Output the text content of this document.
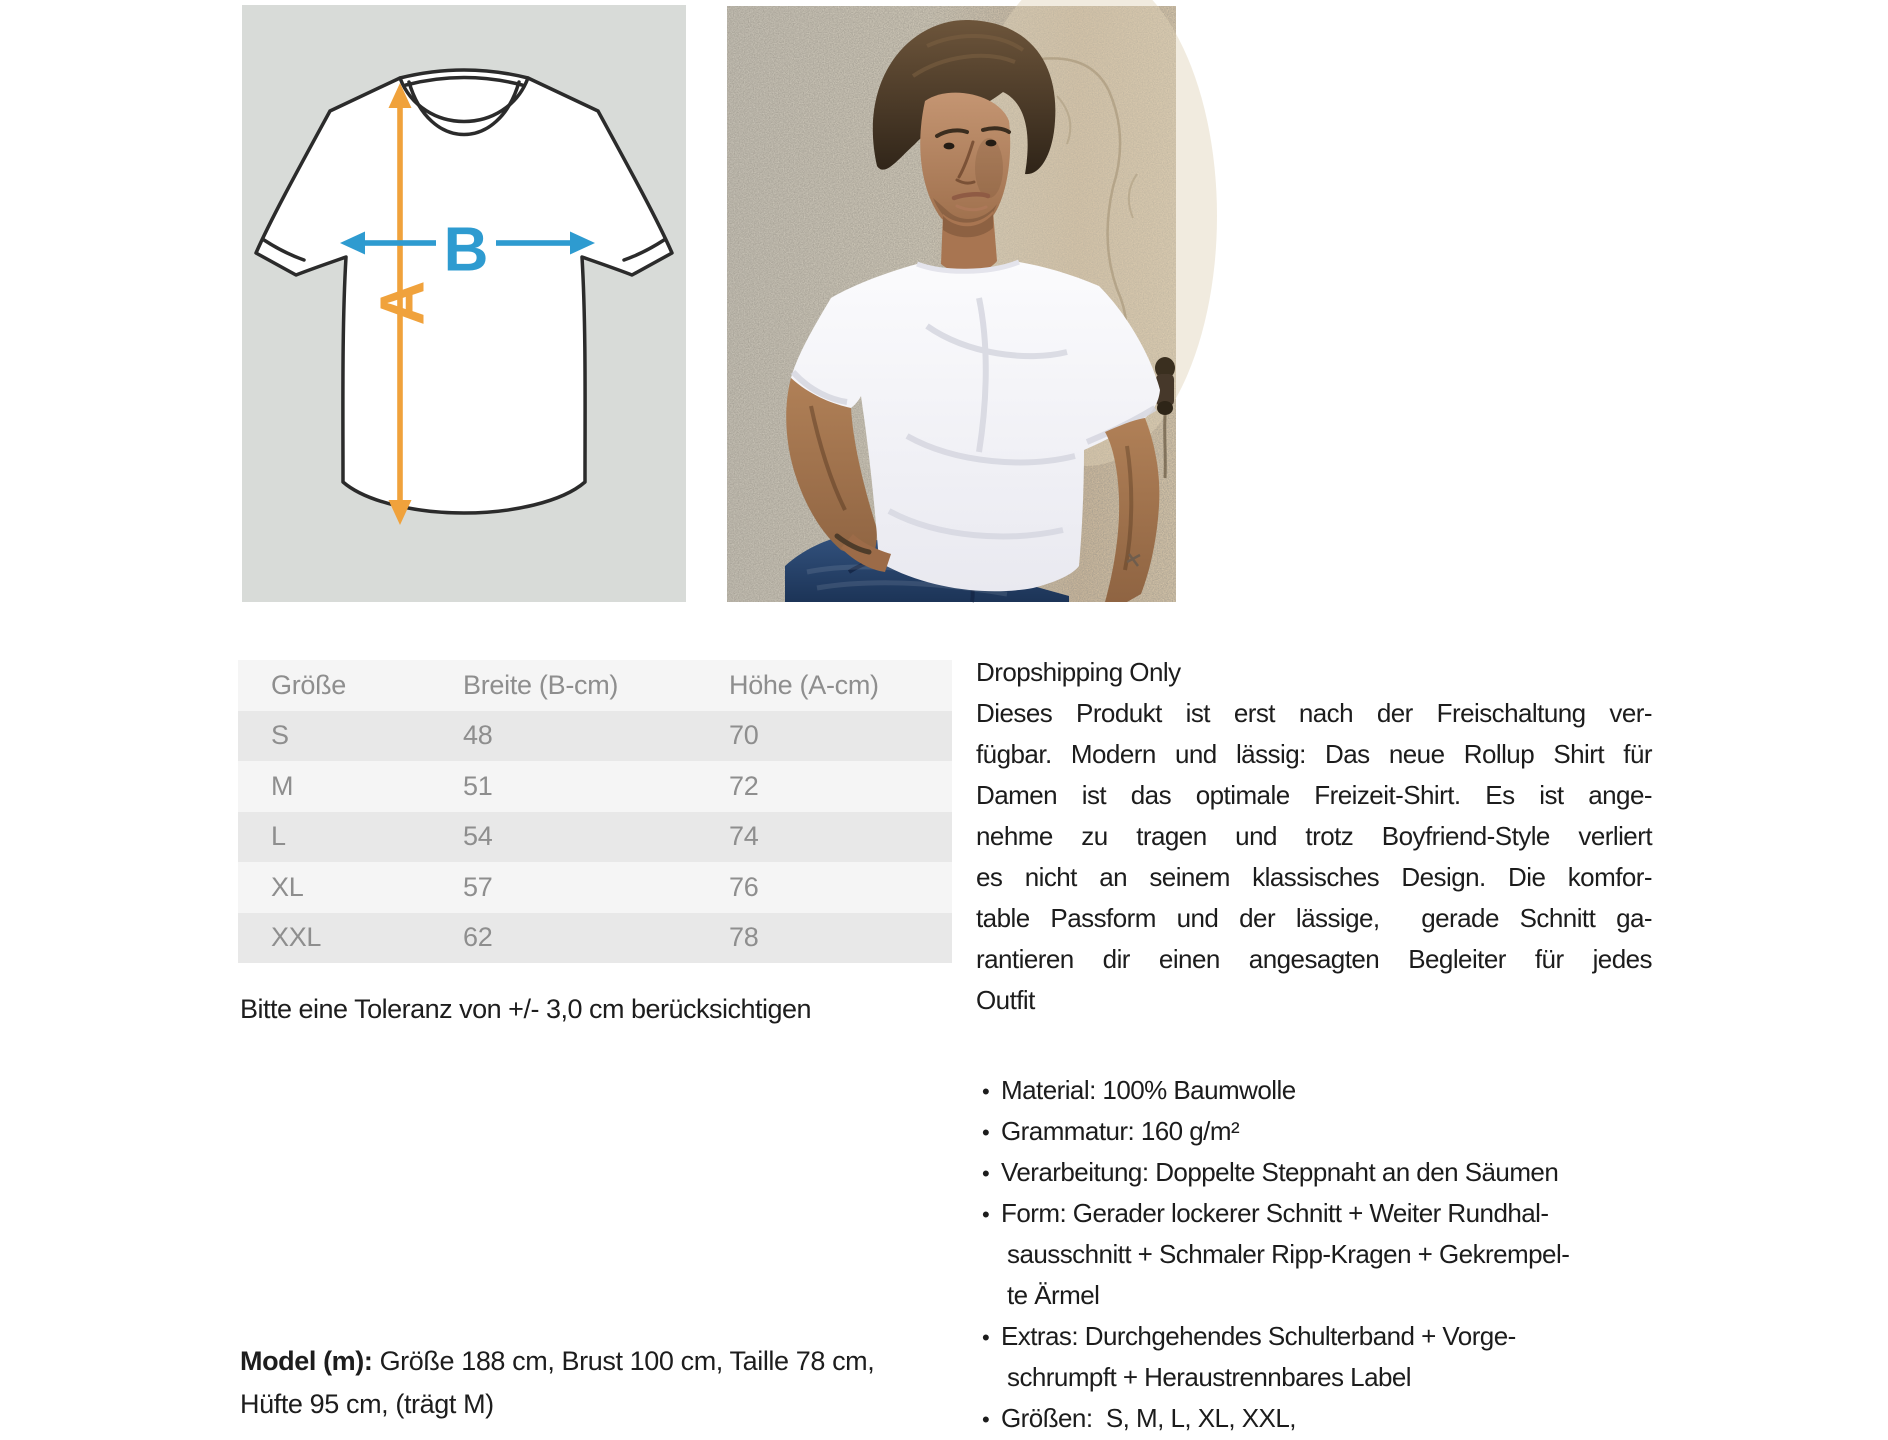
A
B
Größe	Breite (B-cm)	Höhe (A-cm)
S	48	70
M	51	72
L	54	74
XL	57	76
XXL	62	78
Bitte eine Toleranz von +/- 3,0 cm berücksichtigen
Model (m): Größe 188 cm, Brust 100 cm, Taille 78 cm,
Hüfte 95 cm, (trägt M)
Dropshipping Only
Dieses Produkt ist erst nach der Freischaltung ver-
fügbar. Modern und lässig: Das neue Rollup Shirt für
Damen ist das optimale Freizeit-Shirt. Es ist ange-
nehme zu tragen und trotz Boyfriend-Style verliert
es nicht an seinem klassisches Design. Die komfor-
table Passform und der lässige,  gerade Schnitt ga-
rantieren dir einen angesagten Begleiter für jedes
Outfit
• Material: 100% Baumwolle
• Grammatur: 160 g/m²
• Verarbeitung: Doppelte Steppnaht an den Säumen
• Form: Gerader lockerer Schnitt + Weiter Rundhal-
sausschnitt + Schmaler Ripp-Kragen + Gekrempel-
te Ärmel
• Extras: Durchgehendes Schulterband + Vorge-
schrumpft + Heraustrennbares Label
• Größen:  S, M, L, XL, XXL,
